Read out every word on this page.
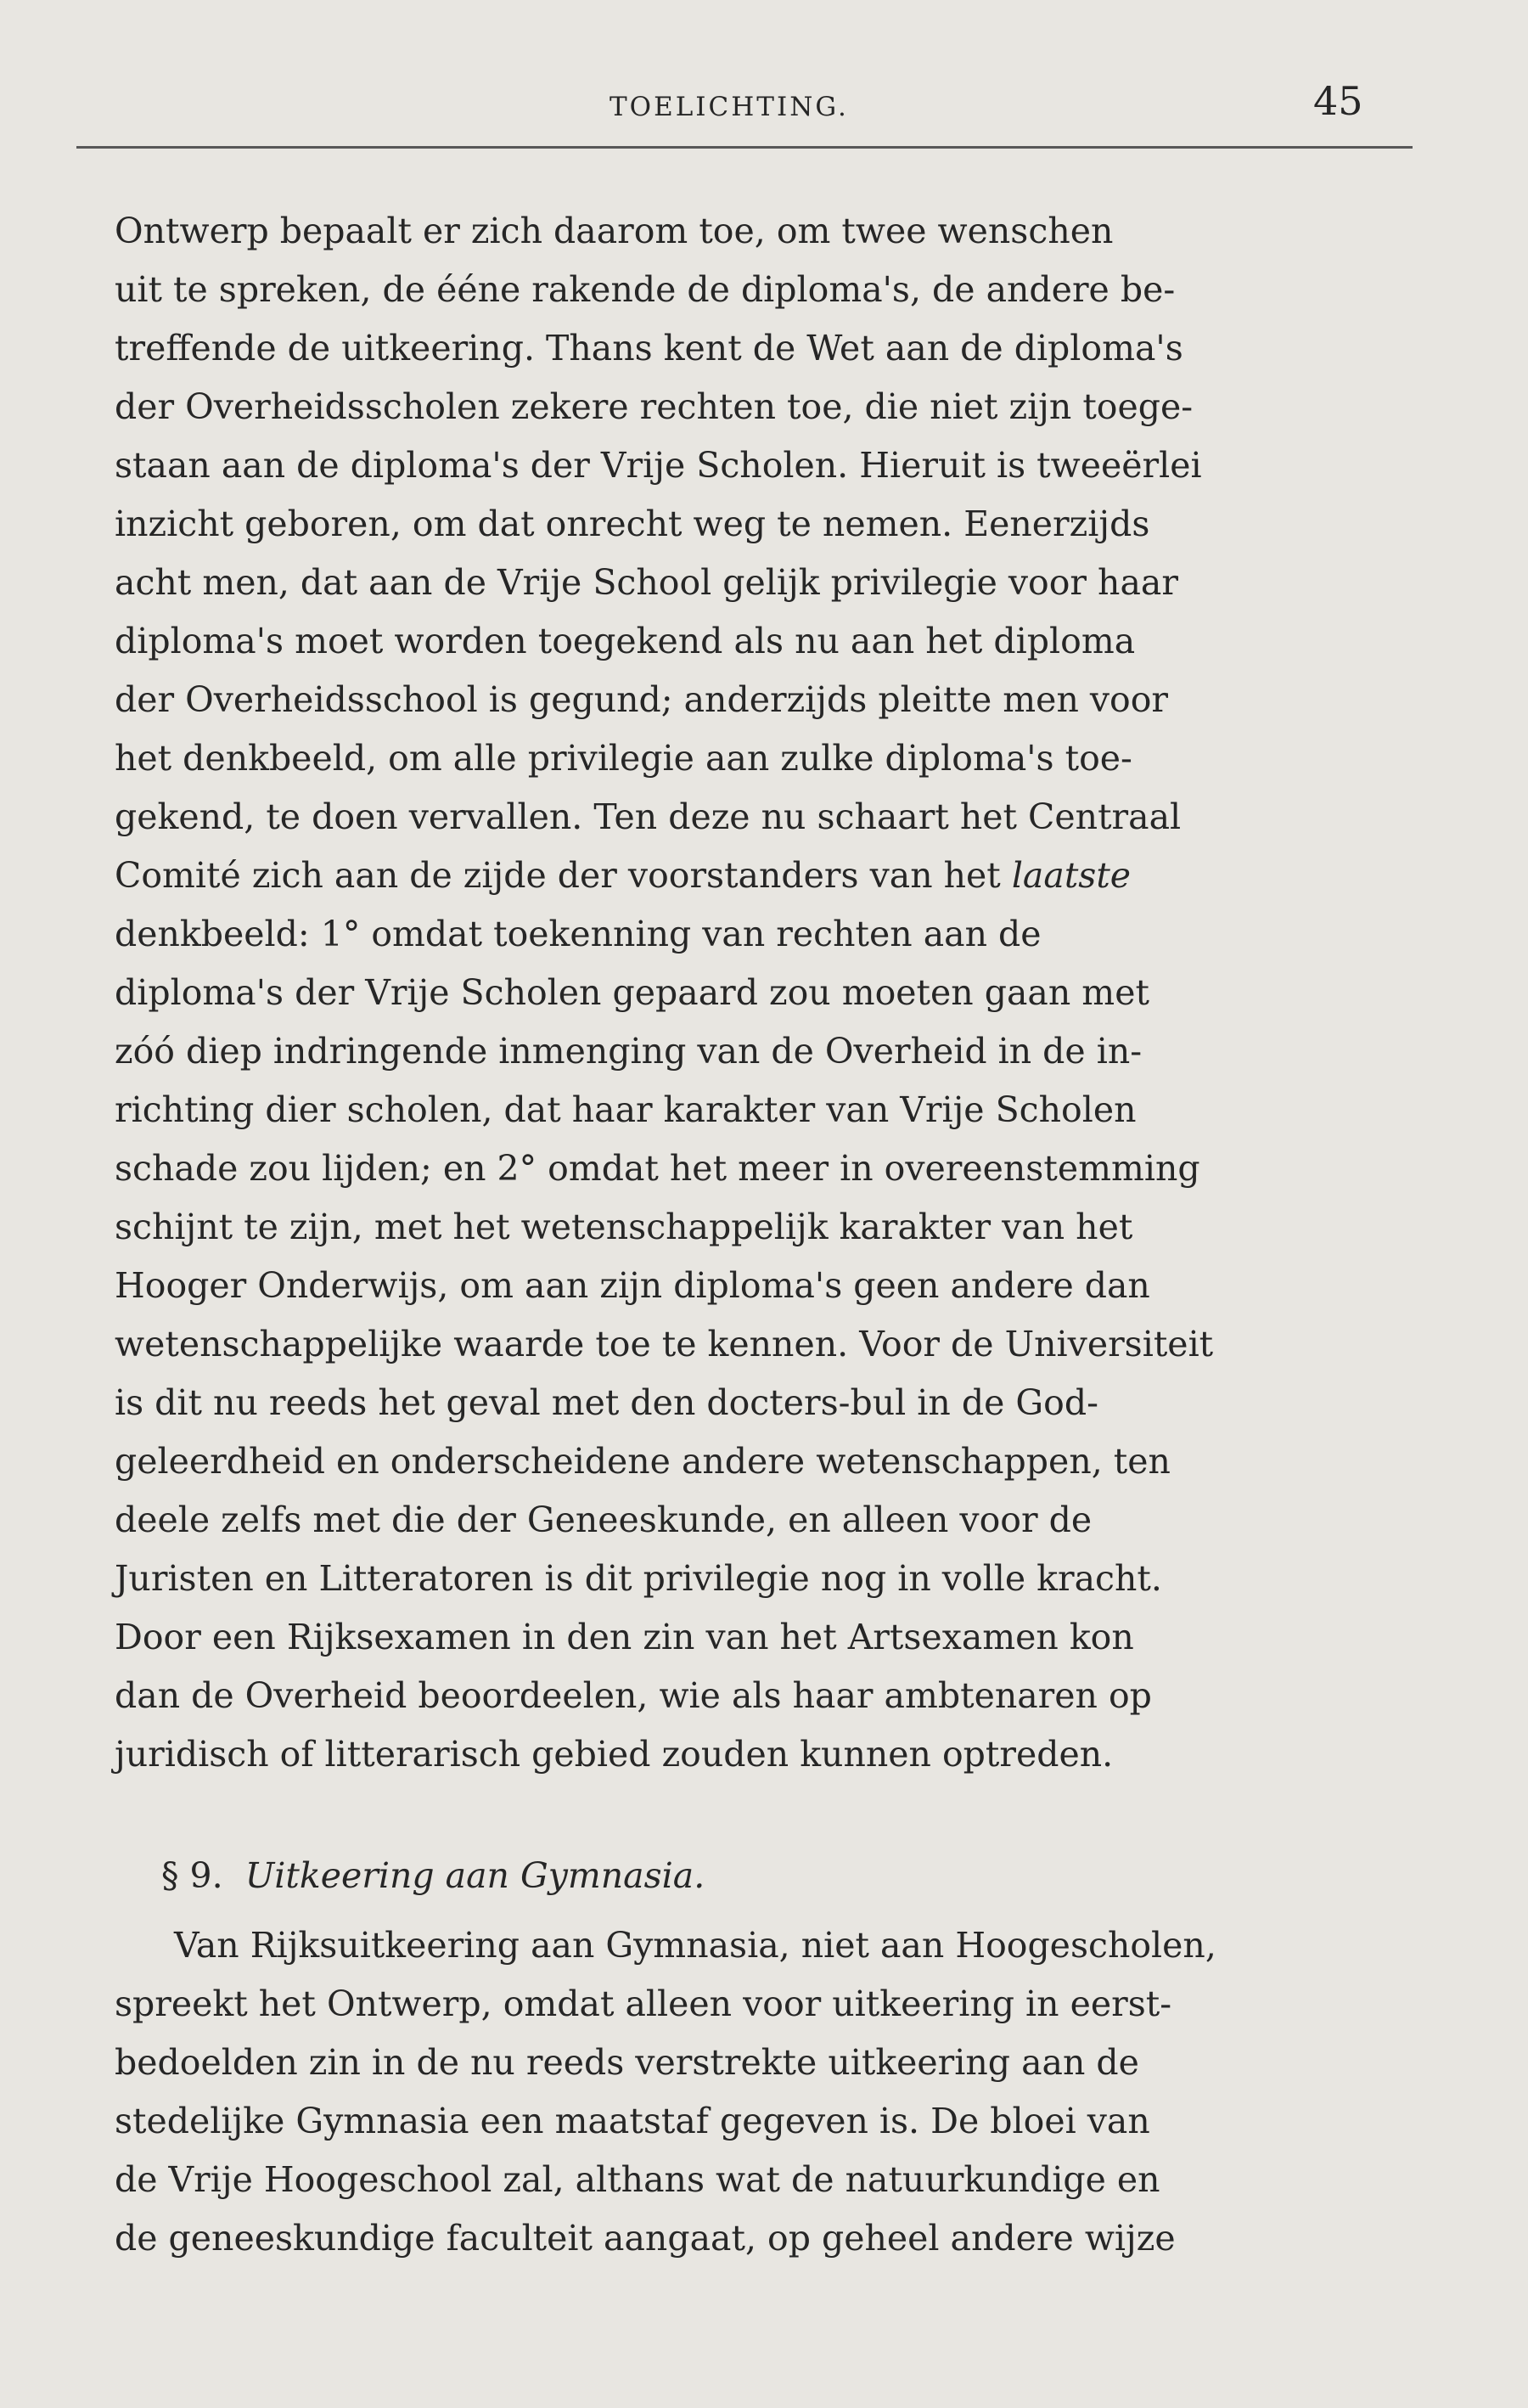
TOELICHTING.	45
Ontwerp bepaalt er zich daarom toe, om twee wenschen
uit te spreken, de ééne rakende de diploma's, de andere be-
treffende de uitkeering. Thans kent de Wet aan de diploma's
der Overheidsscholen zekere rechten toe, die niet zijn toege-
staan aan de diploma's der Vrije Scholen. Hieruit is tweeërlei
inzicht geboren, om dat onrecht weg te nemen. Eenerzijds
acht men, dat aan de Vrije School gelijk privilegie voor haar
diploma's moet worden toegekend als nu aan het diploma
der Overheidsschool is gegund; anderzijds pleitte men voor
het denkbeeld, om alle privilegie aan zulke diploma's toe-
gekend, te doen vervallen. Ten deze nu schaart het Centraal
Comité zich aan de zijde der voorstanders van het laatste
denkbeeld: 1° omdat toekenning van rechten aan de
diploma's der Vrije Scholen gepaard zou moeten gaan met
zóó diep indringende inmenging van de Overheid in de in-
richting dier scholen, dat haar karakter van Vrije Scholen
schade zou lijden; en 2° omdat het meer in overeenstemming
schijnt te zijn, met het wetenschappelijk karakter van het
Hooger Onderwijs, om aan zijn diploma's geen andere dan
wetenschappelijke waarde toe te kennen. Voor de Universiteit
is dit nu reeds het geval met den docters-bul in de God-
geleerdheid en onderscheidene andere wetenschappen, ten
deele zelfs met die der Geneeskunde, en alleen voor de
Juristen en Litteratoren is dit privilegie nog in volle kracht.
Door een Rijksexamen in den zin van het Artsexamen kon
dan de Overheid beoordeelen, wie als haar ambtenaren op
juridisch of litterarisch gebied zouden kunnen optreden.
§ 9. Uitkeering aan Gymnasia.
Van Rijksuitkeering aan Gymnasia, niet aan Hoogescholen,
spreekt het Ontwerp, omdat alleen voor uitkeering in eerst-
bedoelden zin in de nu reeds verstrekte uitkeering aan de
stedelijke Gymnasia een maatstaf gegeven is. De bloei van
de Vrije Hoogeschool zal, althans wat de natuurkundige en
de geneeskundige faculteit aangaat, op geheel andere wijze
